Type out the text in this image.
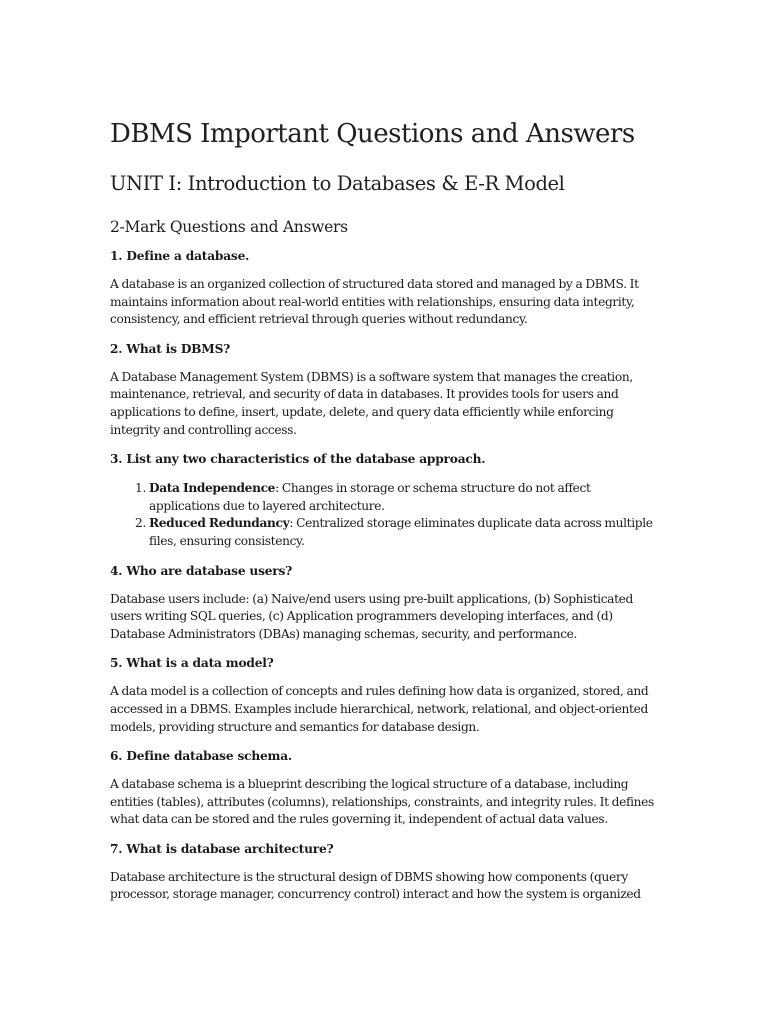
DBMS Important Questions and Answers
UNIT I: Introduction to Databases & E-R Model
2-Mark Questions and Answers

1. Define a database.

A database is an organized collection of structured data stored and managed by a DBMS. It maintains information about real-world entities with relationships, ensuring data integrity, consistency, and efficient retrieval through queries without redundancy.

2. What is DBMS?

A Database Management System (DBMS) is a software system that manages the creation, maintenance, retrieval, and security of data in databases. It provides tools for users and applications to define, insert, update, delete, and query data efficiently while enforcing integrity and controlling access.

3. List any two characteristics of the database approach.

1. Data Independence: Changes in storage or schema structure do not affect applications due to layered architecture.
2. Reduced Redundancy: Centralized storage eliminates duplicate data across multiple files, ensuring consistency.

4. Who are database users?

Database users include: (a) Naive/end users using pre-built applications, (b) Sophisticated users writing SQL queries, (c) Application programmers developing interfaces, and (d) Database Administrators (DBAs) managing schemas, security, and performance.

5. What is a data model?

A data model is a collection of concepts and rules defining how data is organized, stored, and accessed in a DBMS. Examples include hierarchical, network, relational, and object-oriented models, providing structure and semantics for database design.

6. Define database schema.

A database schema is a blueprint describing the logical structure of a database, including entities (tables), attributes (columns), relationships, constraints, and integrity rules. It defines what data can be stored and the rules governing it, independent of actual data values.

7. What is database architecture?

Database architecture is the structural design of DBMS showing how components (query processor, storage manager, concurrency control) interact and how the system is organized
